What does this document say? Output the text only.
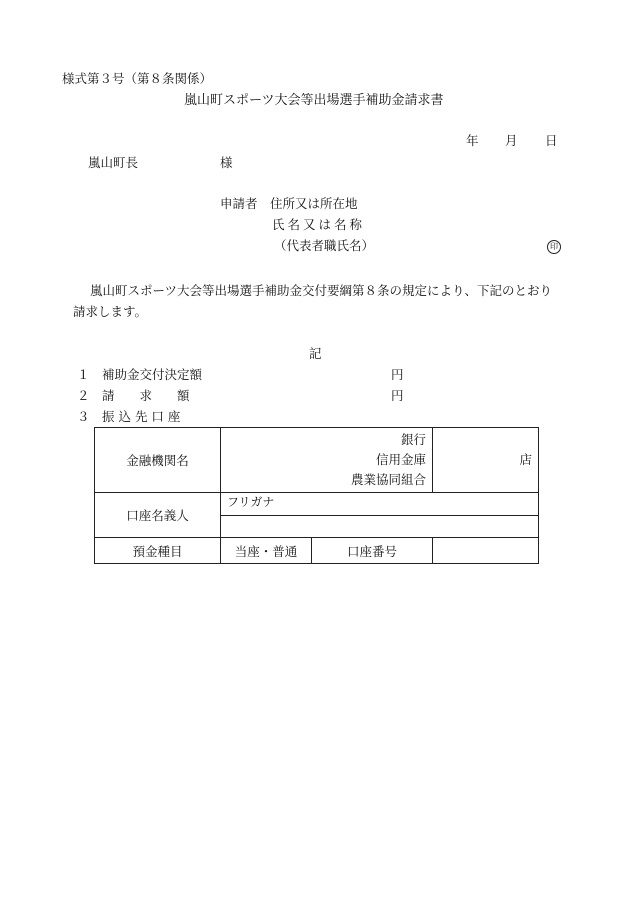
様式第３号（第８条関係）
嵐山町スポーツ大会等出場選手補助金請求書
年 月 日
嵐山町長	様
申請者 住所又は所在地
氏名又は名称
（代表者職氏名）	印
嵐山町スポーツ大会等出場選手補助金交付要綱第８条の規定により、下記のとおり
請求します。
記
１ 補助金交付決定額	円
２ 請　　求　　額	円
３ 振 込 先 口 座
金融機関名	銀行
信用金庫
農業協同組合		店
口座名義人	フリガナ		

預金種目	当座・普通	口座番号	
